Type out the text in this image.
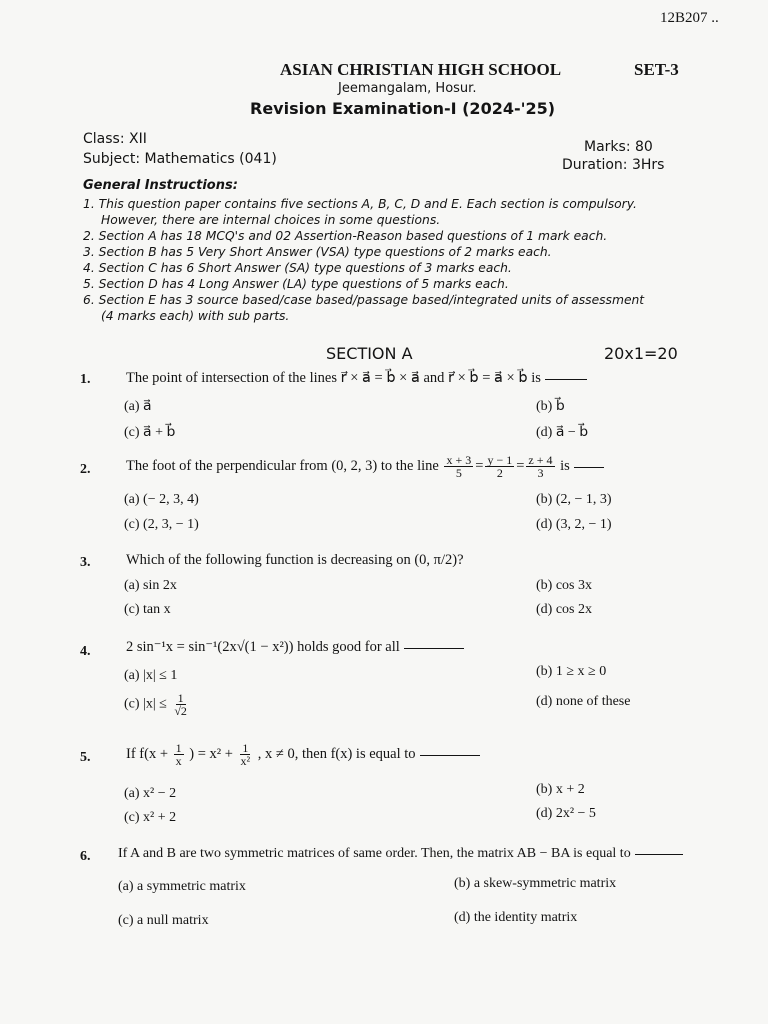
12B207 ..
ASIAN CHRISTIAN HIGH SCHOOL	SET-3
Jeemangalam, Hosur.
Revision Examination-I (2024-'25)
Class: XII
Subject: Mathematics (041)
Marks: 80
Duration: 3Hrs
General Instructions:
1. This question paper contains five sections A, B, C, D and E. Each section is compulsory.
However, there are internal choices in some questions.
2. Section A has 18 MCQ's and 02 Assertion-Reason based questions of 1 mark each.
3. Section B has 5 Very Short Answer (VSA) type questions of 2 marks each.
4. Section C has 6 Short Answer (SA) type questions of 3 marks each.
5. Section D has 4 Long Answer (LA) type questions of 5 marks each.
6. Section E has 3 source based/case based/passage based/integrated units of assessment
(4 marks each) with sub parts.
SECTION A	20x1=20
1. The point of intersection of the lines r⃗ × a⃗ = b⃗ × a⃗ and r⃗ × b⃗ = a⃗ × b⃗ is
(a) a⃗	(b) b⃗
(c) a⃗ + b⃗	(d) a⃗ − b⃗
2. The foot of the perpendicular from (0, 2, 3) to the line $\frac{x + 3}{5} = \frac{y - 1}{2} = \frac{z + 4}{3}$ is
(a) (− 2, 3, 4)	(b) (2, − 1, 3)
(c) (2, 3, − 1)	(d) (3, 2, − 1)
3. Which of the following function is decreasing on (0, π/2)?
(a) sin 2x	(b) cos 3x
(c) tan x	(d) cos 2x
4. 2 sin⁻¹x = sin⁻¹(2x√(1 − x²)) holds good for all
(a) |x| ≤ 1	(b) 1 ≥ x ≥ 0
(c) $|x| \le \frac{1}{√2}$	(d) none of these
5. If $f(x + \frac{1}{x}$ ) = $x^2 + \frac{1}{\text{x²}}$ , x ≠ 0, then f(x) is equal to
(a) x² − 2	(b) x + 2
(c) x² + 2	(d) 2x² − 5
6. If A and B are two symmetric matrices of same order. Then, the matrix AB − BA is equal to
(a) a symmetric matrix	(b) a skew-symmetric matrix
(c) a null matrix	(d) the identity matrix
